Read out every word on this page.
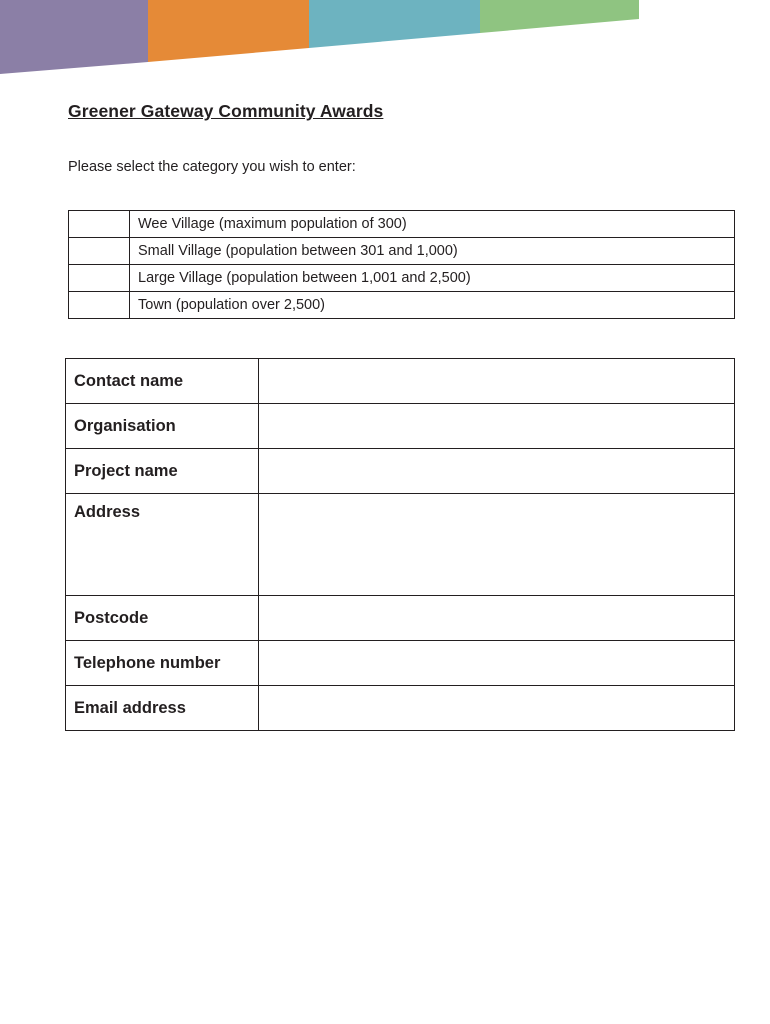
Greener Gateway Community Awards

Please select the category you wish to enter:

	Wee Village (maximum population of 300)
	Small Village (population between 301 and 1,000)
	Large Village (population between 1,001 and 2,500)
	Town (population over 2,500)
Contact name	
Organisation	
Project name	
Address	
Postcode	
Telephone number	
Email address	
